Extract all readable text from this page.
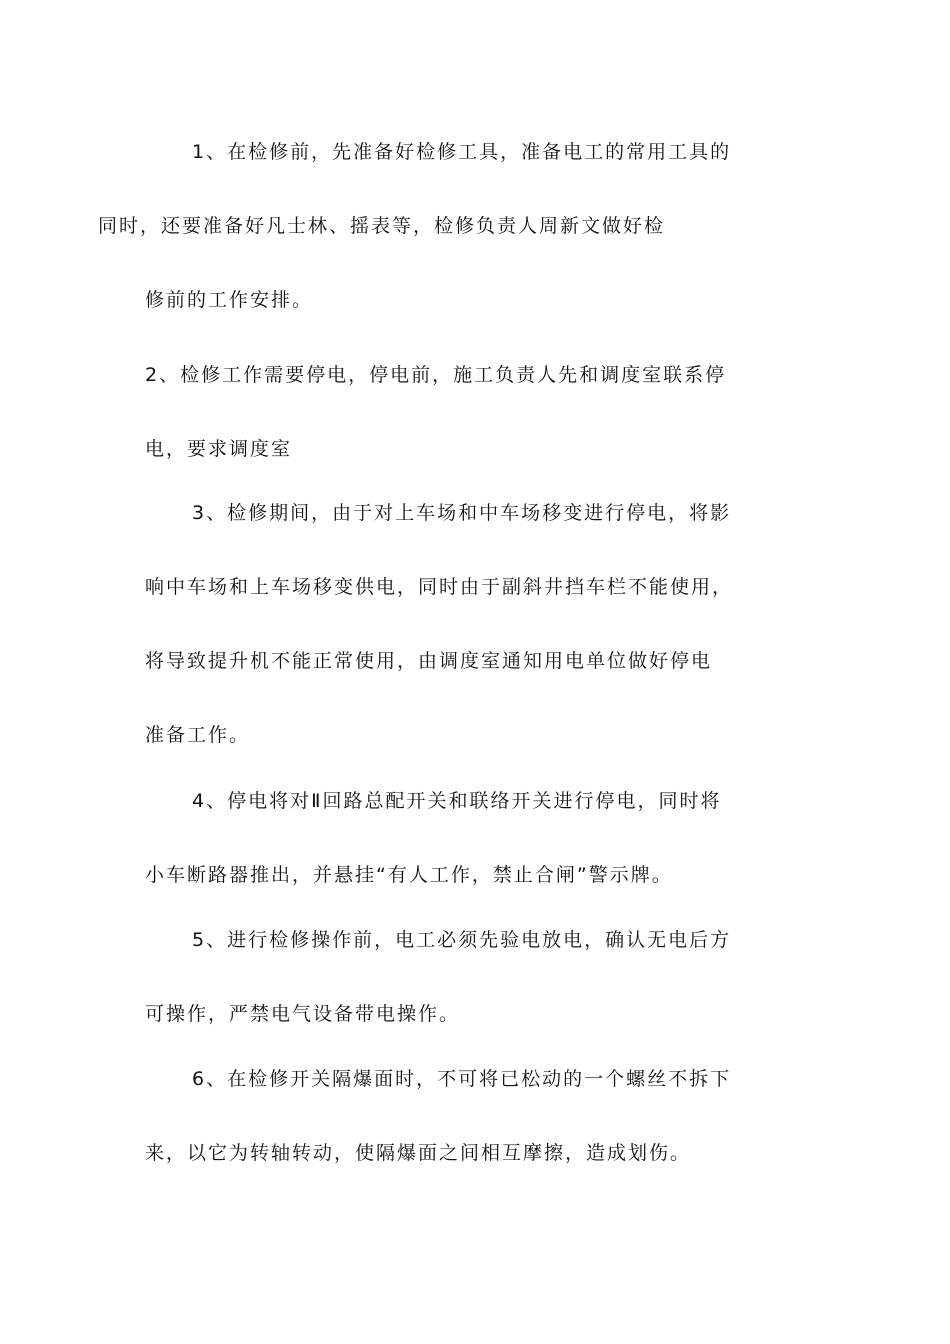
1、在检修前，先准备好检修工具，准备电工的常用工具的
同时，还要准备好凡士林、摇表等，检修负责人周新文做好检
修前的工作安排。
2、检修工作需要停电，停电前，施工负责人先和调度室联系停
电，要求调度室
3、检修期间，由于对上车场和中车场移变进行停电，将影
响中车场和上车场移变供电，同时由于副斜井挡车栏不能使用，
将导致提升机不能正常使用，由调度室通知用电单位做好停电
准备工作。
4、停电将对Ⅱ回路总配开关和联络开关进行停电，同时将
小车断路器推出，并悬挂“有人工作，禁止合闸”警示牌。
5、进行检修操作前，电工必须先验电放电，确认无电后方
可操作，严禁电气设备带电操作。
6、在检修开关隔爆面时，不可将已松动的一个螺丝不拆下
来，以它为转轴转动，使隔爆面之间相互摩擦，造成划伤。
